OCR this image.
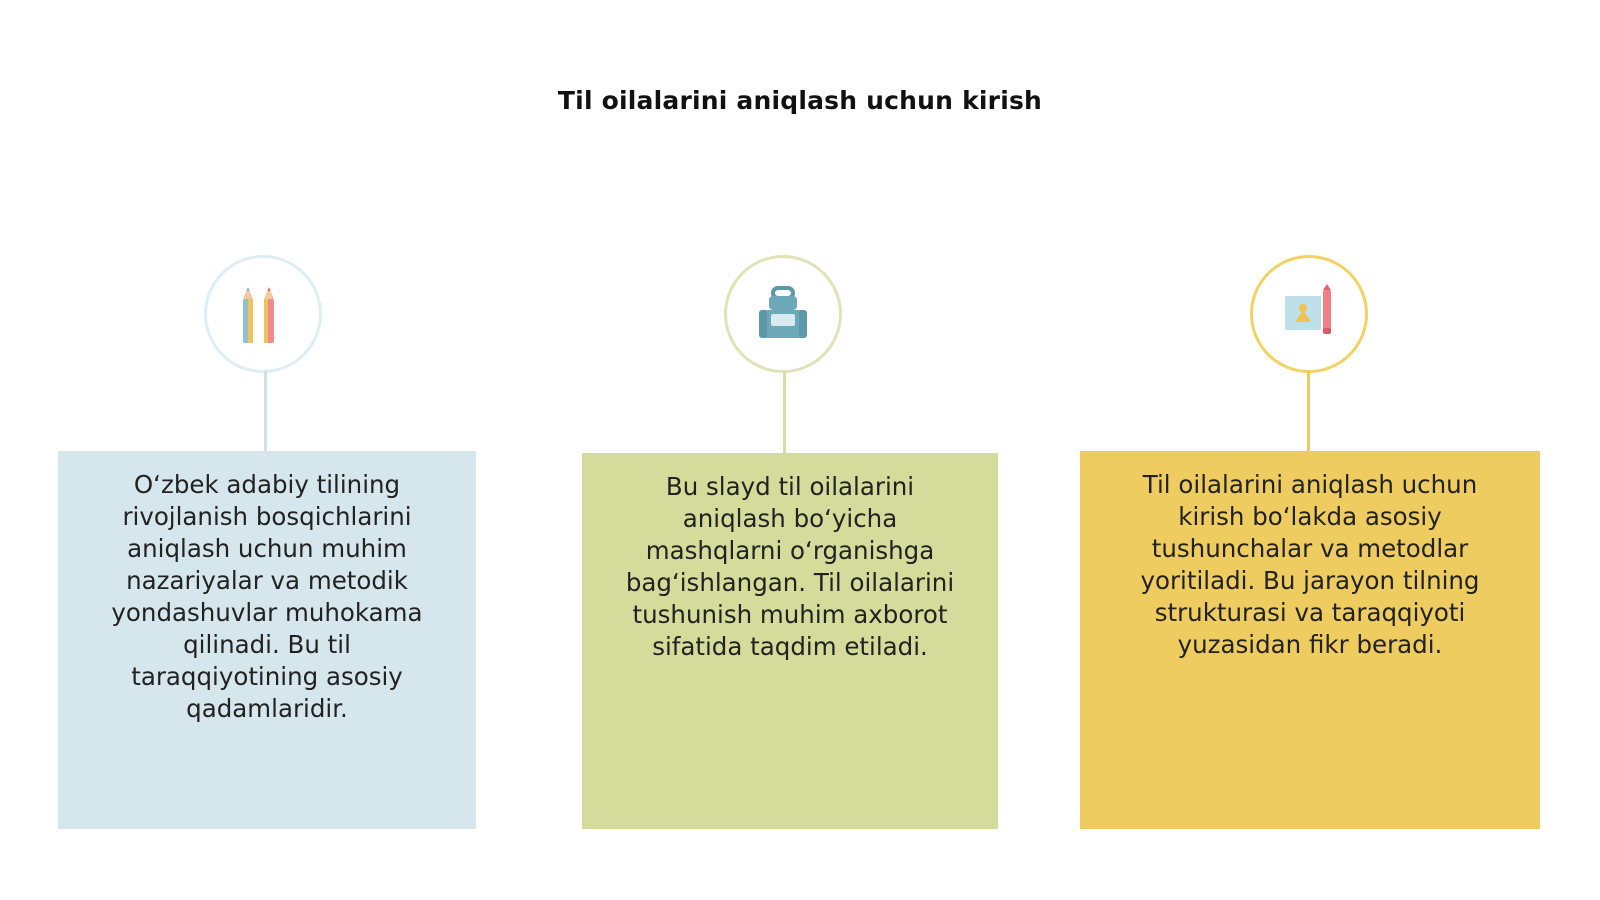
Til oilalarini aniqlash uchun kirish
O‘zbek adabiy tilining rivojlanish bosqichlarini aniqlash uchun muhim nazariyalar va metodik yondashuvlar muhokama qilinadi. Bu til taraqqiyotining asosiy qadamlaridir.
Bu slayd til oilalarini aniqlash bo‘yicha mashqlarni o‘rganishga bag‘ishlangan. Til oilalarini tushunish muhim axborot sifatida taqdim etiladi.
Til oilalarini aniqlash uchun kirish bo‘lakda asosiy tushunchalar va metodlar yoritiladi. Bu jarayon tilning strukturasi va taraqqiyoti yuzasidan fikr beradi.
